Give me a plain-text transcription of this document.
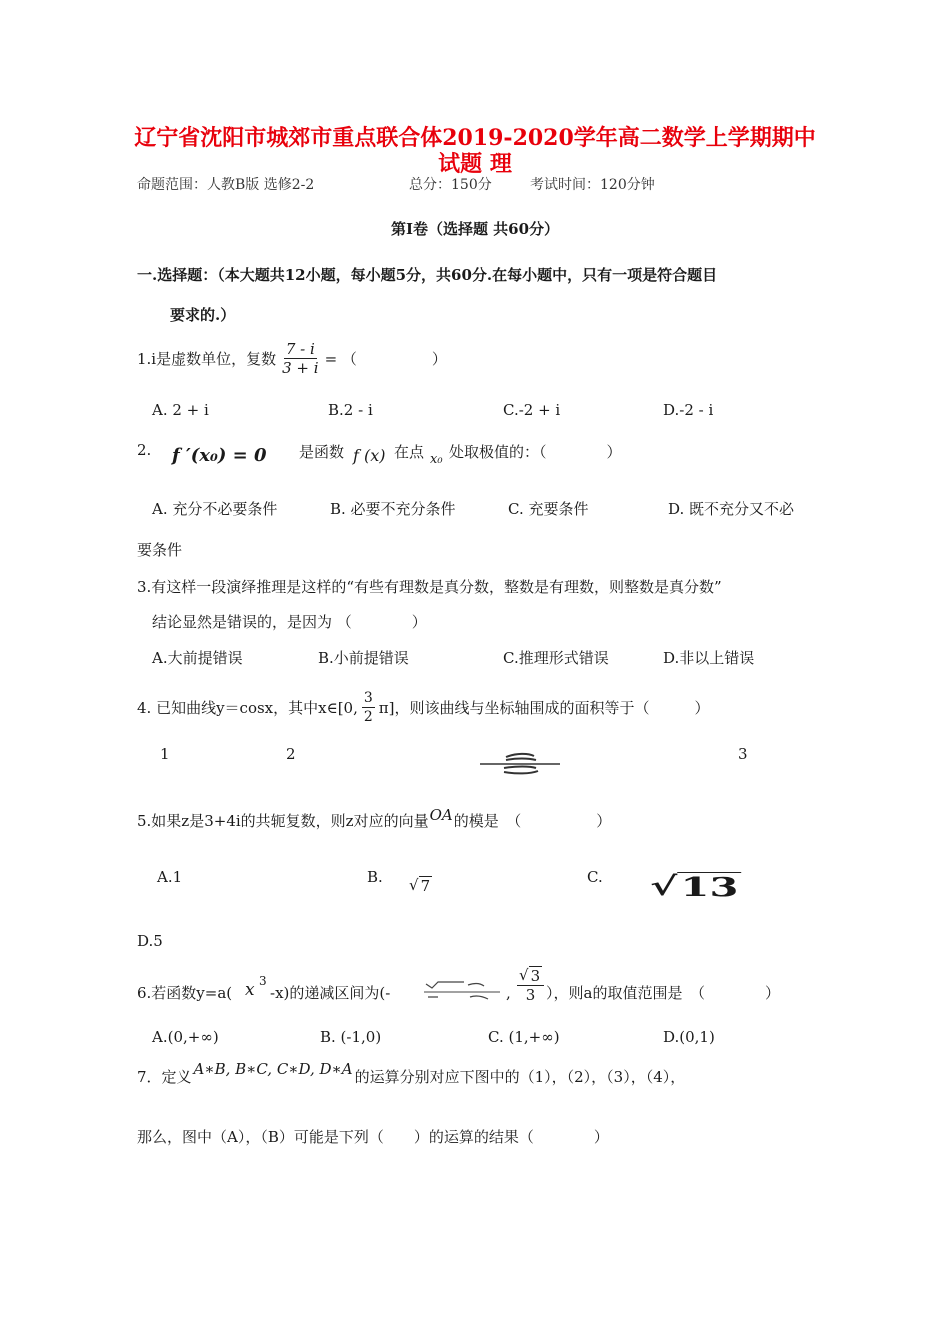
辽宁省沈阳市城郊市重点联合体2019-2020学年高二数学上学期期中
试题 理
命题范围：人教B版 选修2-2	总分：150分	考试时间：120分钟
第Ⅰ卷（选择题 共60分）
一.选择题：（本大题共12小题，每小题5分，共60分.在每小题中，只有一项是符合题目
要求的.）
1.i是虚数单位，复数 $\frac{7 - i}{3 + i}$ = （　　　　　）
A. 2 + i	B.2 - i	C.-2 + i	D.-2 - i
2. f ′(x₀) = 0 是函数 f (x) 在点 x₀ 处取极值的：（　　　　）
A. 充分不必要条件	B. 必要不充分条件	C. 充要条件	D. 既不充分又不必
要条件
3.有这样一段演绎推理是这样的“有些有理数是真分数，整数是有理数，则整数是真分数”
结论显然是错误的，是因为 （　　　　）
A.大前提错误	B.小前提错误	C.推理形式错误	D.非以上错误
4. 已知曲线y＝cosx，其中x∈[0, $\frac{3}{2} \pi$]，则该曲线与坐标轴围成的面积等于（　　　）
1	2	3
5.如果z是3+4i的共轭复数，则z对应的向量 OA 的模是　（　　　　　）
A.1	B. √ 7	C. √ 13
D.5
6.若函数y=a( x 3
-x)的递减区间为(-	, $\frac{√ 3}{3}$ ），则a的取值范围是　（　　　　）
A.(0,+∞)	B. (-1,0)	C. (1,+∞)	D.(0,1)
7．定义 A∗B, B∗C, C∗D, D∗A 的运算分别对应下图中的（1），（2），（3），（4），
那么，图中（A），（B）可能是下列（　　）的运算的结果（　　　　）
